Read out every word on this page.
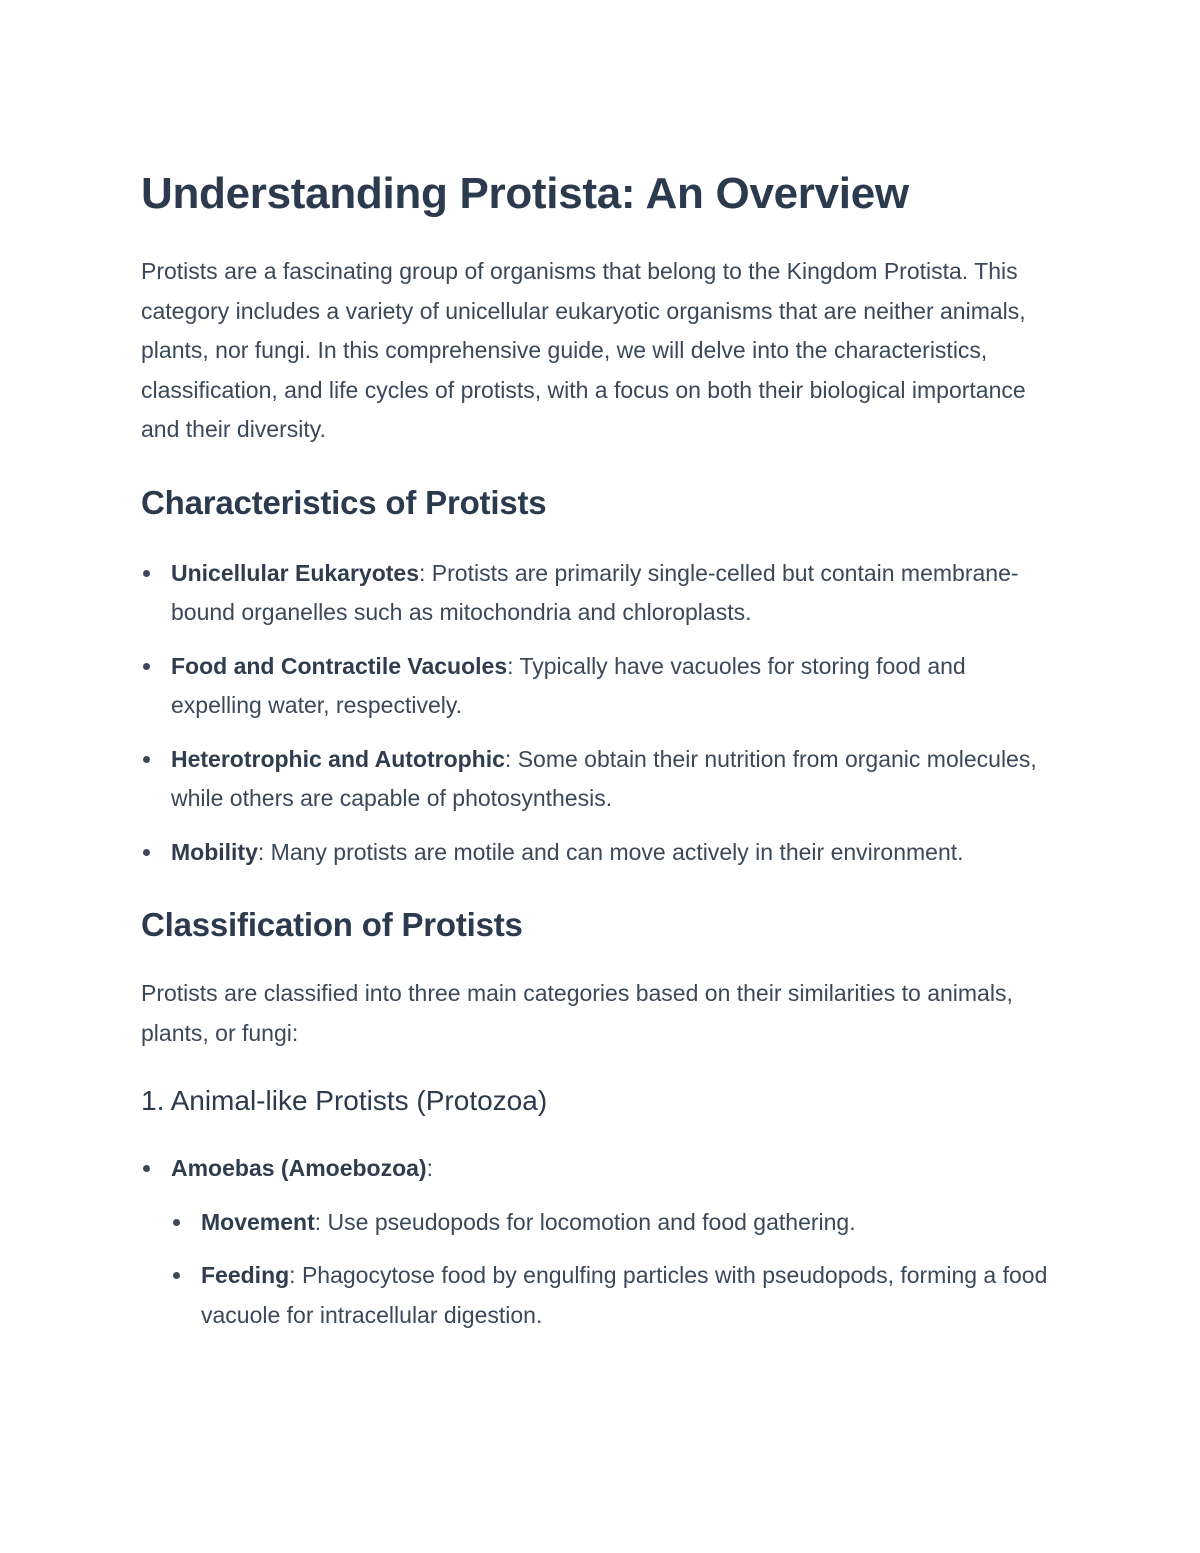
Understanding Protista: An Overview

Protists are a fascinating group of organisms that belong to the Kingdom Protista. This category includes a variety of unicellular eukaryotic organisms that are neither animals, plants, nor fungi. In this comprehensive guide, we will delve into the characteristics, classification, and life cycles of protists, with a focus on both their biological importance and their diversity.

Characteristics of Protists
Unicellular Eukaryotes: Protists are primarily single-celled but contain membrane-bound organelles such as mitochondria and chloroplasts.
Food and Contractile Vacuoles: Typically have vacuoles for storing food and expelling water, respectively.
Heterotrophic and Autotrophic: Some obtain their nutrition from organic molecules, while others are capable of photosynthesis.
Mobility: Many protists are motile and can move actively in their environment.
Classification of Protists

Protists are classified into three main categories based on their similarities to animals, plants, or fungi:

1. Animal-like Protists (Protozoa)
Amoebas (Amoebozoa):
Movement: Use pseudopods for locomotion and food gathering.
Feeding: Phagocytose food by engulfing particles with pseudopods, forming a food vacuole for intracellular digestion.
